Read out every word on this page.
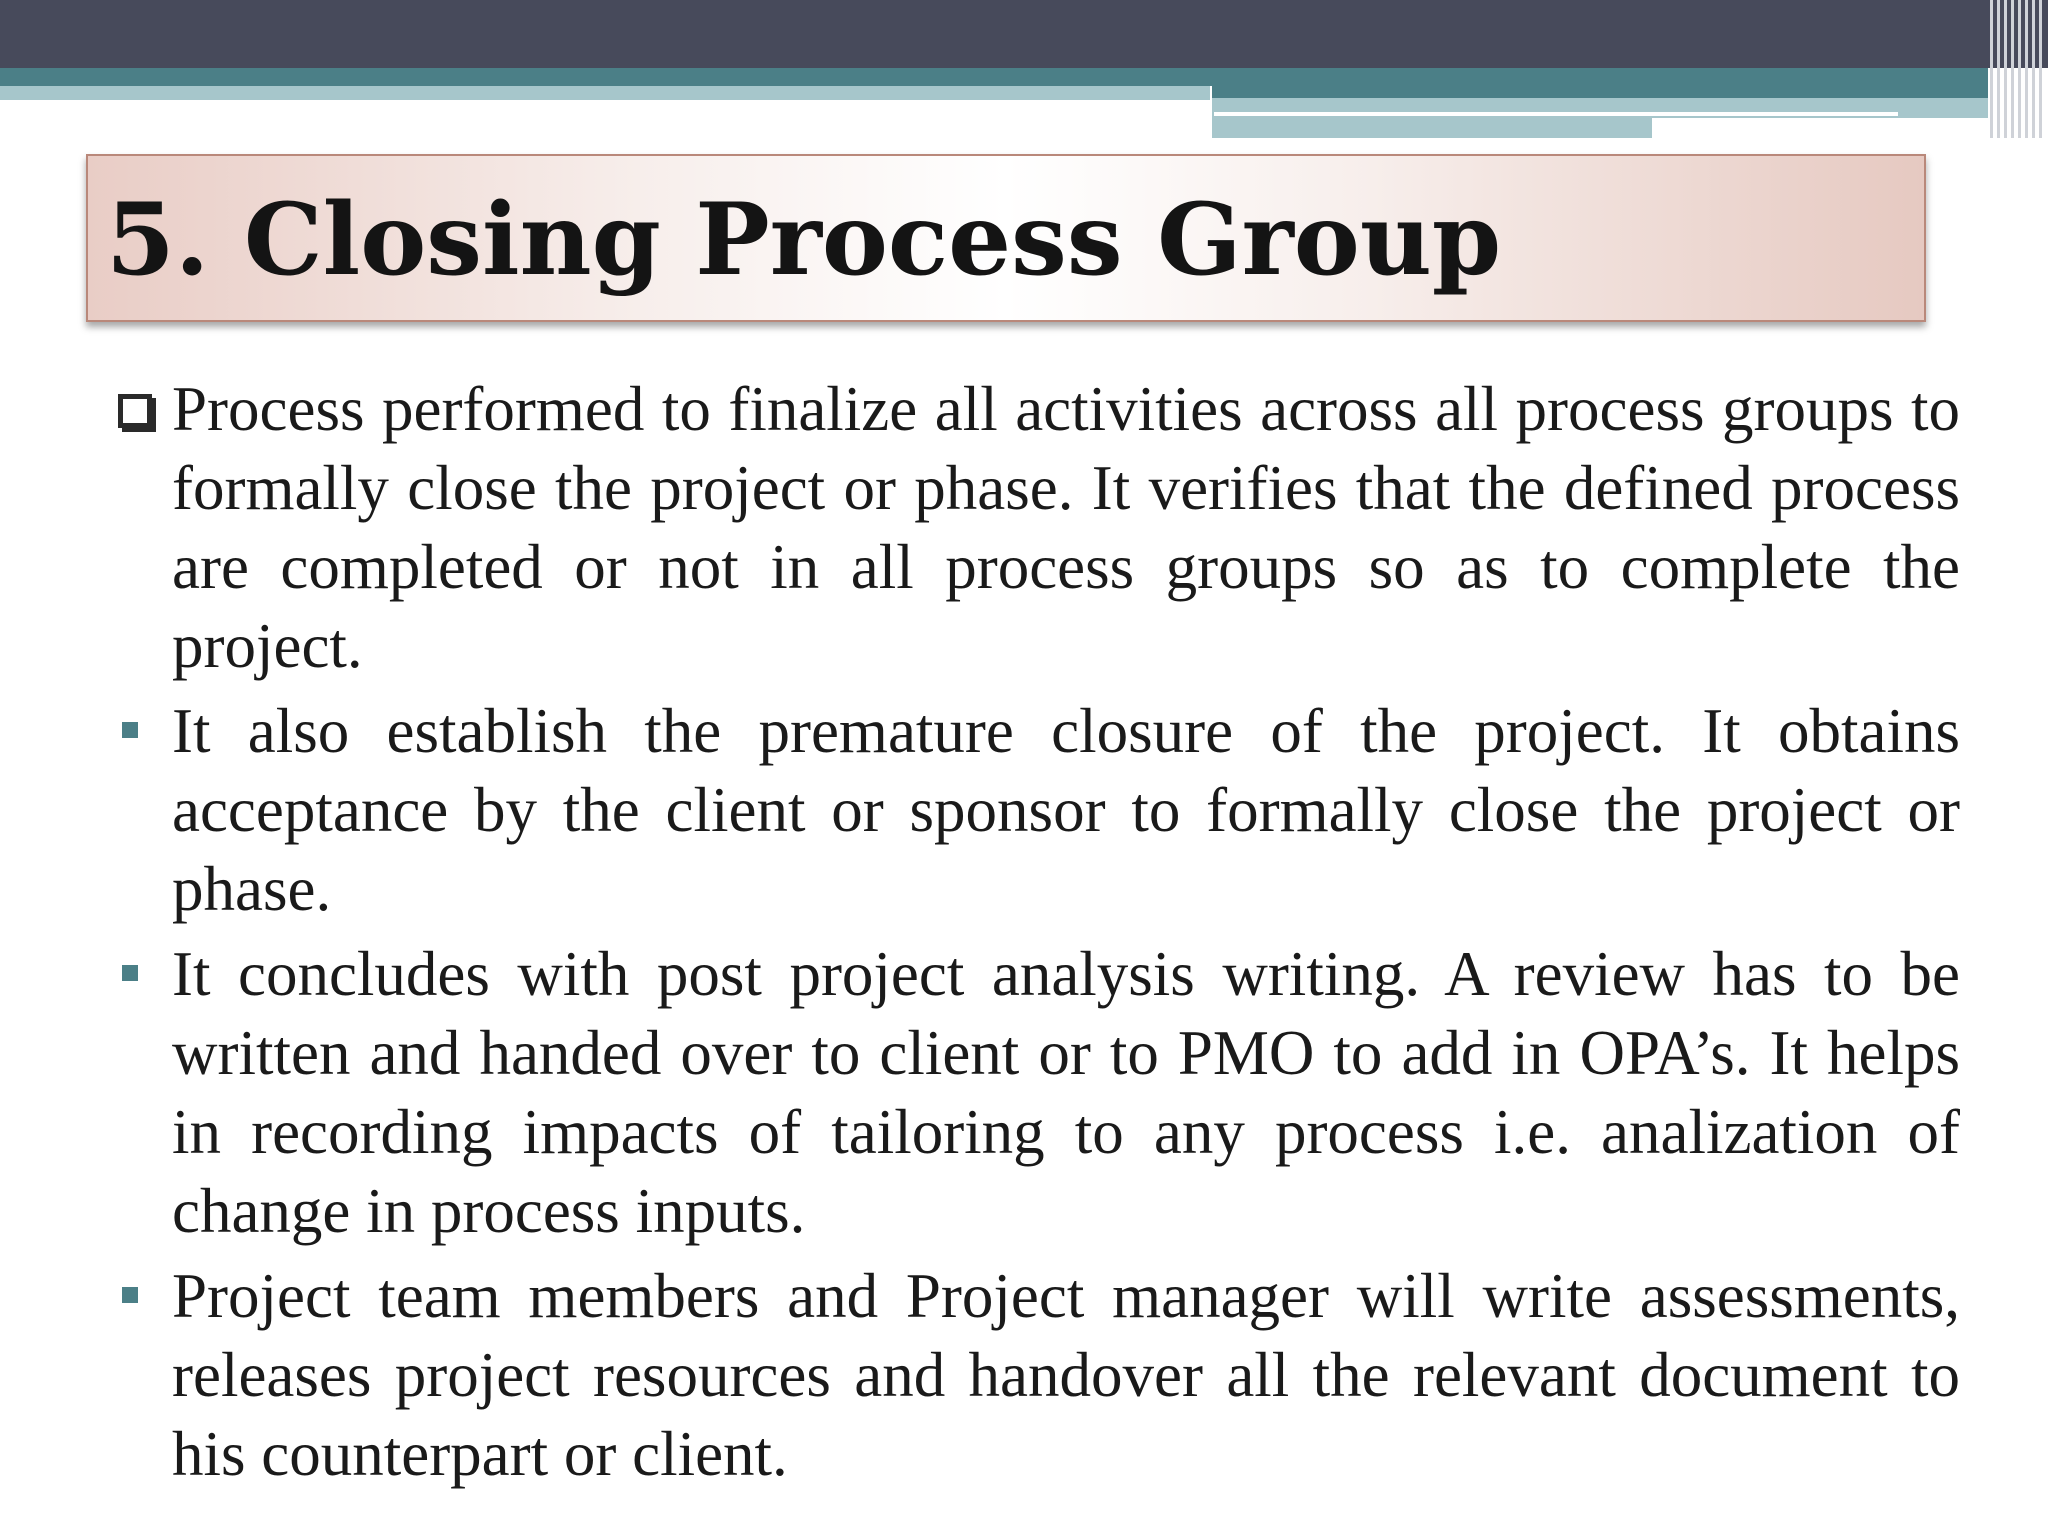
5. Closing Process Group

Process performed to finalize all activities across all process groups to formally close the project or phase. It verifies that the defined process are completed or not in all process groups so as to complete the project.

It also establish the premature closure of the project. It obtains acceptance by the client or sponsor to formally close the project or phase.

It concludes with post project analysis writing. A review has to be written and handed over to client or to PMO to add in OPA’s. It helps in recording impacts of tailoring to any process i.e. analization of change in process inputs.

Project team members and Project manager will write assessments, releases project resources and handover all the relevant document to his counterpart or client.
